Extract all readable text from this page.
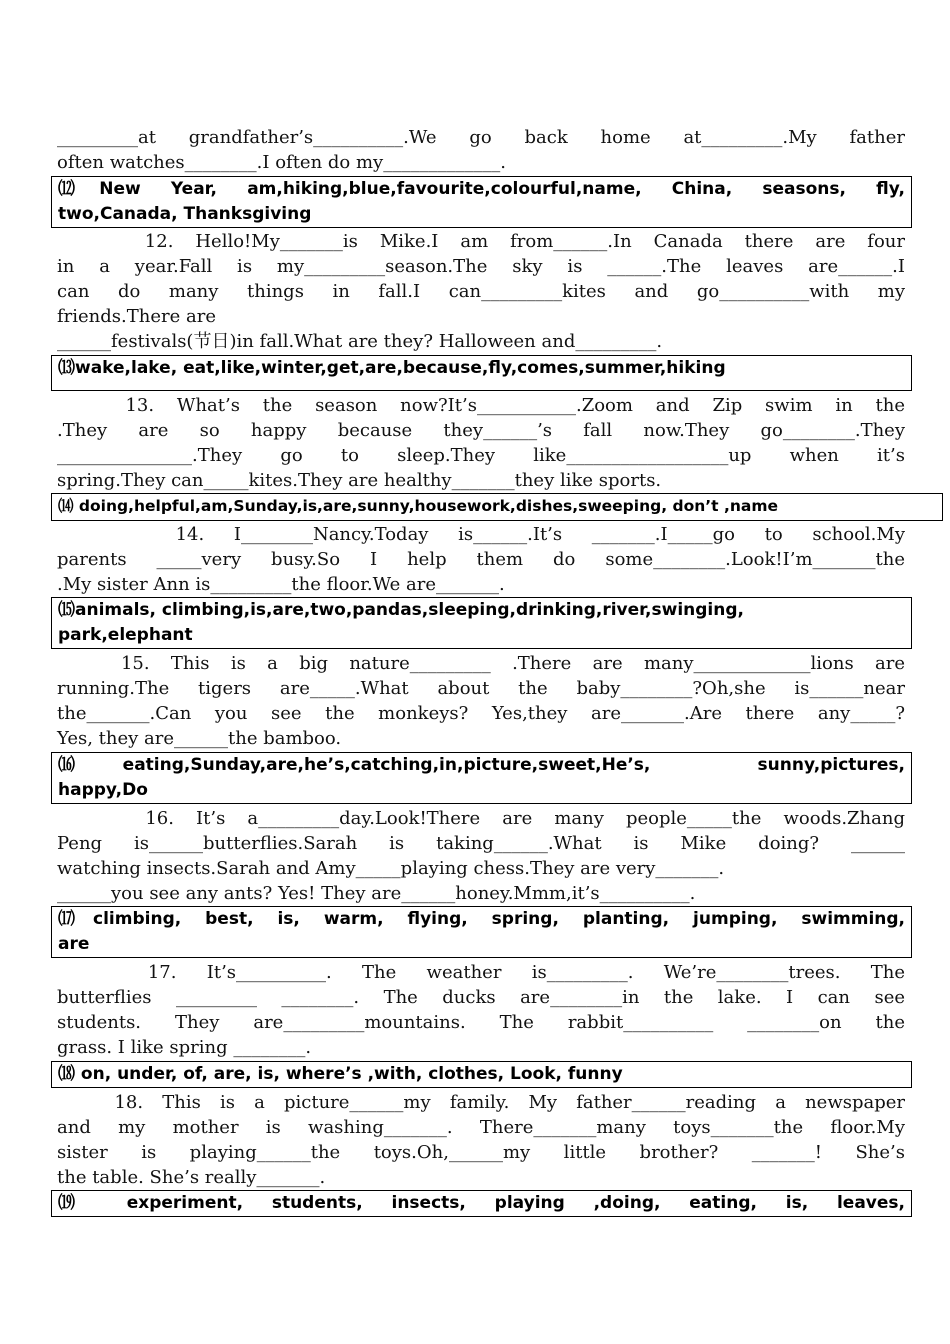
_________at grandfather’s__________.We go back home at_________.My father
often watches________.I often do my_____________.
⑿New Year, am,hiking,blue,favourite,colourful,name, China, seasons, fly,
two,Canada, Thanksgiving
12. Hello!My_______is Mike.I am from______.In Canada there are four
in a year.Fall is my_________season.The sky is ______.The leaves are______.I
can do many things in fall.I can_________kites and go__________with my
friends.There are
______festivals(节日)in fall.What are they? Halloween and_________.
⒀wake,lake, eat,like,winter,get,are,because,fly,comes,summer,hiking
13. What’s the season now?It’s___________.Zoom and Zip swim in the
.They are so happy because they______’s fall now.They go________.They
_______________.They go to sleep.They like__________________up when it’s
spring.They can_____kites.They are healthy_______they like sports.
⒁ doing,helpful,am,Sunday,is,are,sunny,housework,dishes,sweeping, don’t ,name
14. I________Nancy.Today is______.It’s _______.I_____go to school.My
parents _____very busy.So I help them do some________.Look!I’m_______the
.My sister Ann is_________the floor.We are_______.
⒂animals, climbing,is,are,two,pandas,sleeping,drinking,river,swinging,
park,elephant
15. This is a big nature_________ .There are many_____________lions are
running.The tigers are_____.What about the baby________?Oh,she is______near
the_______.Can you see the monkeys? Yes,they are_______.Are there any_____?
Yes, they are______the bamboo.
⒃eating,Sunday,are,he’s,catching,in,picture,sweet,He’s,  sunny,pictures,
happy,Do
16. It’s a_________day.Look!There are many people_____the woods.Zhang
Peng is______butterflies.Sarah is taking______.What is Mike doing? ______
watching insects.Sarah and Amy_____playing chess.They are very_______.
______you see any ants? Yes! They are______honey.Mmm,it’s__________.
⒄climbing, best, is, warm, flying, spring, planting, jumping, swimming,
are
17. It’s__________. The weather is_________. We’re________trees. The
butterflies _________ ________. The ducks are________in the lake. I can see
students. They are_________mountains. The rabbit__________ ________on the
grass. I like spring ________.
⒅ on, under, of, are, is, where’s ,with, clothes, Look, funny
18. This is a picture______my family. My father______reading a newspaper
and my mother is washing_______. There_______many toys_______the floor.My
sister is playing______the toys.Oh,______my little brother? _______! She’s
the table. She’s really_______.
⒆ experiment, students, insects, playing ,doing, eating, is, leaves,
